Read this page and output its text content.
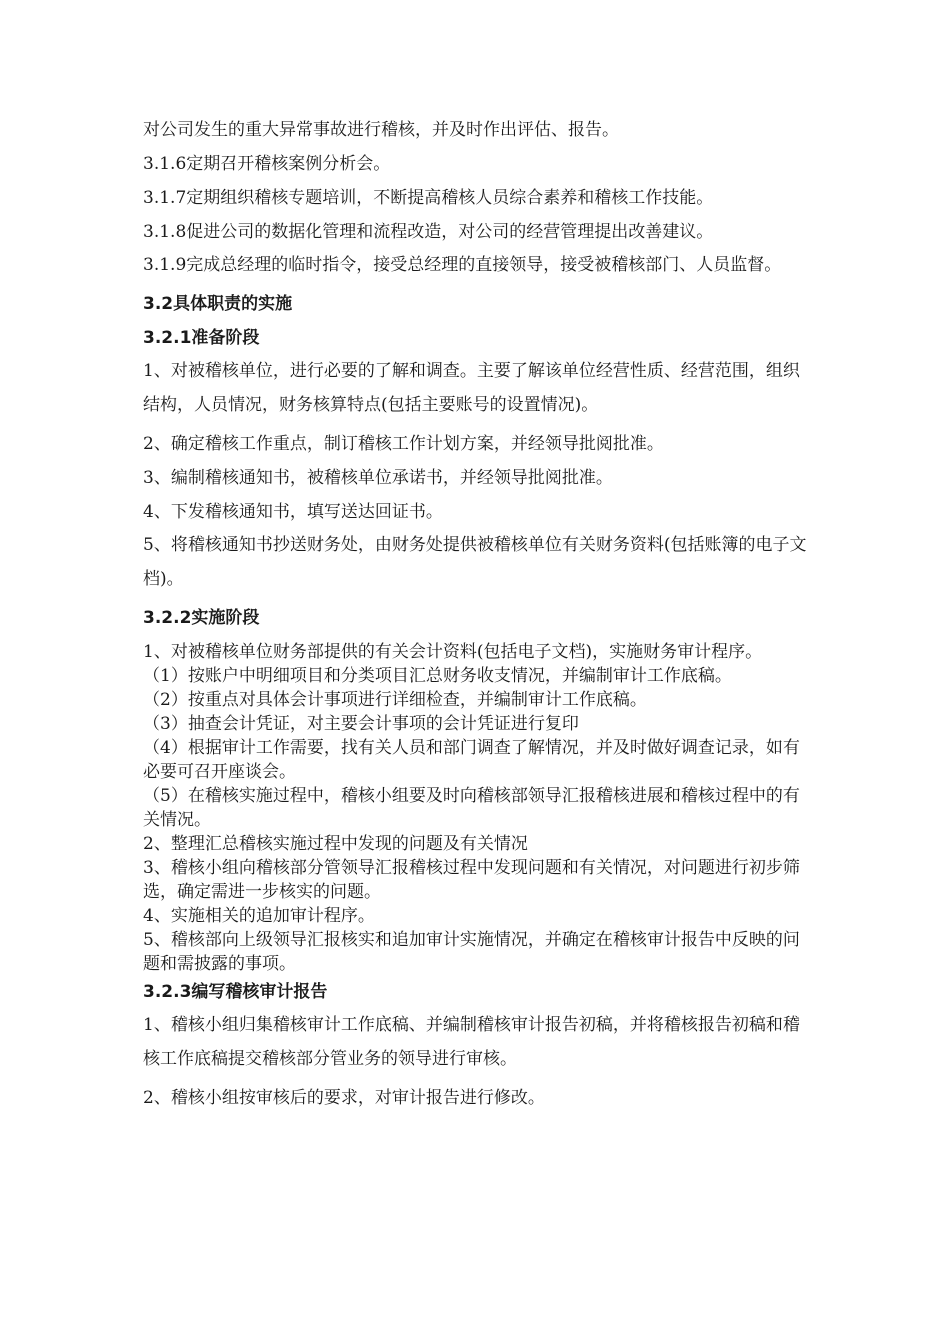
对公司发生的重大异常事故进行稽核，并及时作出评估、报告。

3.1.6定期召开稽核案例分析会。

3.1.7定期组织稽核专题培训，不断提高稽核人员综合素养和稽核工作技能。

3.1.8促进公司的数据化管理和流程改造，对公司的经营管理提出改善建议。

3.1.9完成总经理的临时指令，接受总经理的直接领导，接受被稽核部门、人员监督。

3.2具体职责的实施

3.2.1准备阶段

1、对被稽核单位，进行必要的了解和调查。主要了解该单位经营性质、经营范围，组织结构，人员情况，财务核算特点(包括主要账号的设置情况)。

2、确定稽核工作重点，制订稽核工作计划方案，并经领导批阅批准。

3、编制稽核通知书，被稽核单位承诺书，并经领导批阅批准。

4、下发稽核通知书，填写送达回证书。

5、将稽核通知书抄送财务处，由财务处提供被稽核单位有关财务资料(包括账簿的电子文档)。

3.2.2实施阶段

1、对被稽核单位财务部提供的有关会计资料(包括电子文档)，实施财务审计程序。

（1）按账户中明细项目和分类项目汇总财务收支情况，并编制审计工作底稿。

（2）按重点对具体会计事项进行详细检查，并编制审计工作底稿。

（3）抽查会计凭证，对主要会计事项的会计凭证进行复印

（4）根据审计工作需要，找有关人员和部门调查了解情况，并及时做好调查记录，如有必要可召开座谈会。

（5）在稽核实施过程中，稽核小组要及时向稽核部领导汇报稽核进展和稽核过程中的有关情况。

2、整理汇总稽核实施过程中发现的问题及有关情况

3、稽核小组向稽核部分管领导汇报稽核过程中发现问题和有关情况，对问题进行初步筛选，确定需进一步核实的问题。

4、实施相关的追加审计程序。

5、稽核部向上级领导汇报核实和追加审计实施情况，并确定在稽核审计报告中反映的问题和需披露的事项。

3.2.3编写稽核审计报告

1、稽核小组归集稽核审计工作底稿、并编制稽核审计报告初稿，并将稽核报告初稿和稽核工作底稿提交稽核部分管业务的领导进行审核。

2、稽核小组按审核后的要求，对审计报告进行修改。
